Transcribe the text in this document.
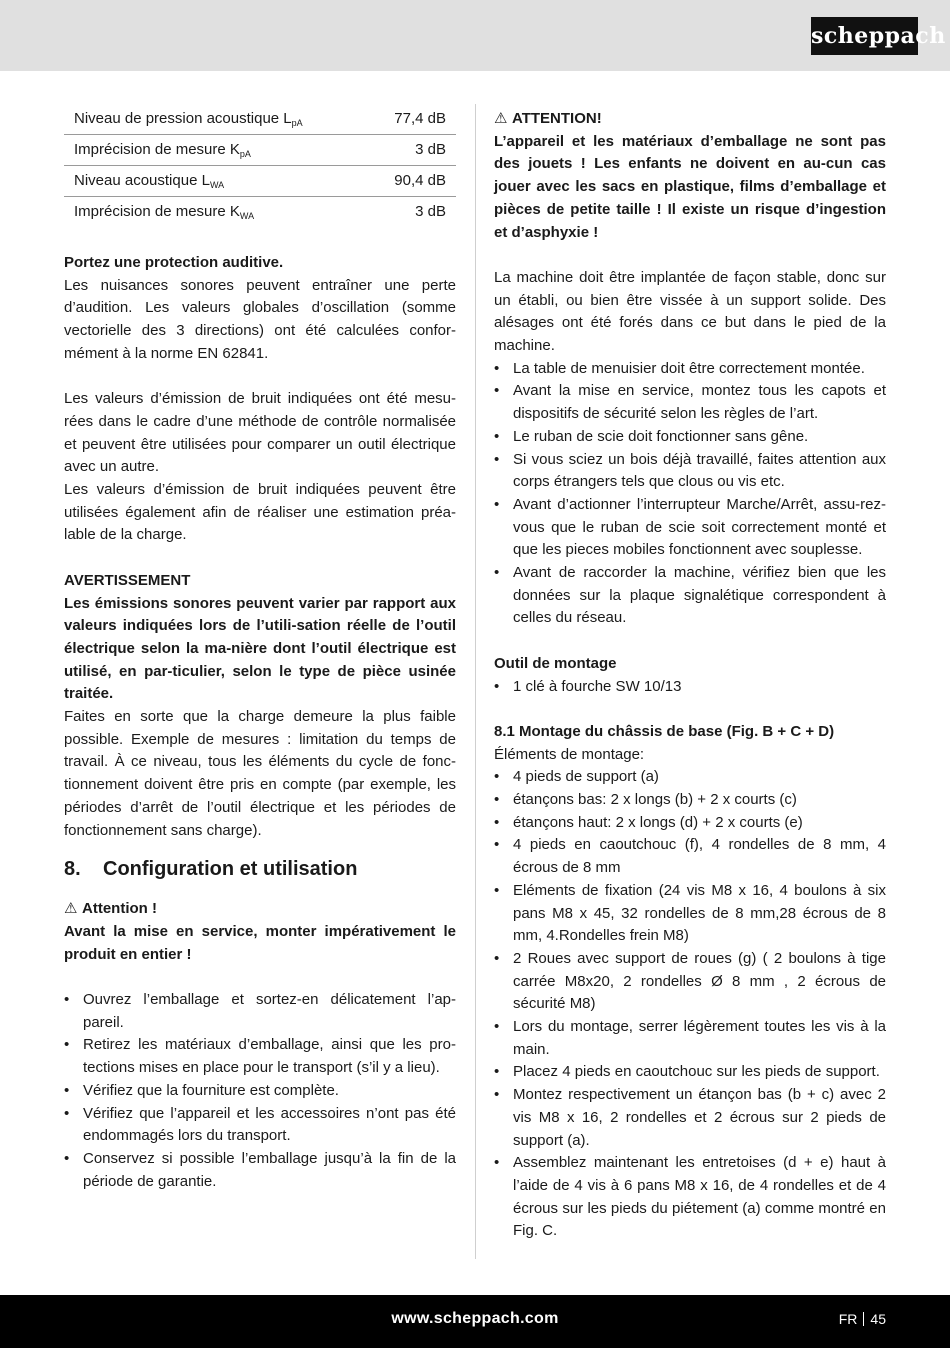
scheppach
Niveau de pression acoustique $L_{pA}$	77,4 dB
Imprécision de mesure $K_{pA}$	3 dB
Niveau acoustique $L_{WA}$	90,4 dB
Imprécision de mesure $K_{WA}$	3 dB

Portez une protection auditive.

Les nuisances sonores peuvent entraîner une perte d’audition. Les valeurs globales d’oscillation (somme vectorielle des 3 directions) ont été calculées confor-mément à la norme EN 62841.

Les valeurs d’émission de bruit indiquées ont été mesu-rées dans le cadre d’une méthode de contrôle normalisée et peuvent être utilisées pour comparer un outil électrique avec un autre.

Les valeurs d’émission de bruit indiquées peuvent être utilisées également afin de réaliser une estimation préa-lable de la charge.

AVERTISSEMENT

Les émissions sonores peuvent varier par rapport aux valeurs indiquées lors de l’utili-sation réelle de l’outil électrique selon la ma-nière dont l’outil électrique est utilisé, en par-ticulier, selon le type de pièce usinée traitée.

Faites en sorte que la charge demeure la plus faible possible. Exemple de mesures : limitation du temps de travail. À ce niveau, tous les éléments du cycle de fonc-tionnement doivent être pris en compte (par exemple, les périodes d’arrêt de l’outil électrique et les périodes de fonctionnement sans charge).

8. Configuration et utilisation

⚠ Attention !

Avant la mise en service, monter impérativement le produit en entier !

• Ouvrez l’emballage et sortez-en délicatement l’ap-pareil.
• Retirez les matériaux d’emballage, ainsi que les pro-tections mises en place pour le transport (s’il y a lieu).
• Vérifiez que la fourniture est complète.
• Vérifiez que l’appareil et les accessoires n’ont pas été endommagés lors du transport.
• Conservez si possible l’emballage jusqu’à la fin de la période de garantie.

⚠ ATTENTION!

L’appareil et les matériaux d’emballage ne sont pas des jouets ! Les enfants ne doivent en au-cun cas jouer avec les sacs en plastique, films d’emballage et pièces de petite taille ! Il existe un risque d’ingestion et d’asphyxie !

La machine doit être implantée de façon stable, donc sur un établi, ou bien être vissée à un support solide. Des alésages ont été forés dans ce but dans le pied de la machine.

• La table de menuisier doit être correctement montée.
• Avant la mise en service, montez tous les capots et dispositifs de sécurité selon les règles de l’art.
• Le ruban de scie doit fonctionner sans gêne.
• Si vous sciez un bois déjà travaillé, faites attention aux corps étrangers tels que clous ou vis etc.
• Avant d’actionner l’interrupteur Marche/Arrêt, assu-rez-vous que le ruban de scie soit correctement monté et que les pieces mobiles fonctionnent avec souplesse.
• Avant de raccorder la machine, vérifiez bien que les données sur la plaque signalétique correspondent à celles du réseau.

Outil de montage

• 1 clé à fourche SW 10/13

8.1 Montage du châssis de base (Fig. B + C + D)

Éléments de montage:

• 4 pieds de support (a)
• étançons bas: 2 x longs (b) + 2 x courts (c)
• étançons haut: 2 x longs (d) + 2 x courts (e)
• 4 pieds en caoutchouc (f), 4 rondelles de 8 mm, 4 écrous de 8 mm
• Eléments de fixation (24 vis M8 x 16, 4 boulons à six pans M8 x 45, 32 rondelles de 8 mm,28 écrous de 8 mm, 4.Rondelles frein M8)
• 2 Roues avec support de roues (g) ( 2 boulons à tige carrée M8x20, 2 rondelles Ø 8 mm , 2 écrous de sécurité M8)
• Lors du montage, serrer légèrement toutes les vis à la main.
• Placez 4 pieds en caoutchouc sur les pieds de support.
• Montez respectivement un étançon bas (b + c) avec 2 vis M8 x 16, 2 rondelles et 2 écrous sur 2 pieds de support (a).
• Assemblez maintenant les entretoises (d + e) haut à l’aide de 4 vis à 6 pans M8 x 16, de 4 rondelles et de 4 écrous sur les pieds du piétement (a) comme montré en Fig. C.
www.scheppach.com	FR 45
